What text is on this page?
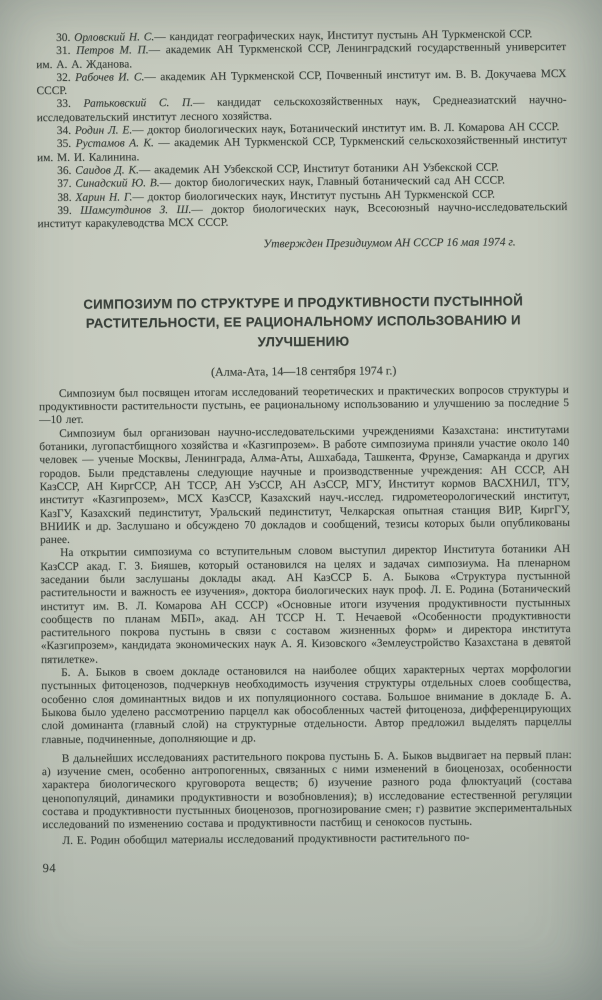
30. Орловский Н. С.— кандидат географических наук, Институт пустынь АН Туркменской ССР.

31. Петров М. П.— академик АН Туркменской ССР, Ленинградский государственный университет им. А. А. Жданова.

32. Рабочев И. С.— академик АН Туркменской ССР, Почвенный институт им. В. В. Докучаева МСХ СССР.

33. Ратьковский С. П.— кандидат сельскохозяйственных наук, Среднеазиатский научно-исследовательский институт лесного хозяйства.

34. Родин Л. Е.— доктор биологических наук, Ботанический институт им. В. Л. Комарова АН СССР.

35. Рустамов А. К. — академик АН Туркменской ССР, Туркменский сельскохозяйственный институт им. М. И. Калинина.

36. Саидов Д. К.— академик АН Узбекской ССР, Институт ботаники АН Узбекской ССР.

37. Синадский Ю. В.— доктор биологических наук, Главный ботанический сад АН СССР.

38. Харин Н. Г.— доктор биологических наук, Институт пустынь АН Туркменской ССР.

39. Шамсутдинов З. Ш.— доктор биологических наук, Всесоюзный научно-исследовательский институт каракулеводства МСХ СССР.

Утвержден Президиумом АН СССР 16 мая 1974 г.

СИМПОЗИУМ ПО СТРУКТУРЕ И ПРОДУКТИВНОСТИ ПУСТЫННОЙ РАСТИТЕЛЬНОСТИ, ЕЕ РАЦИОНАЛЬНОМУ ИСПОЛЬЗОВАНИЮ И УЛУЧШЕНИЮ

(Алма-Ата, 14—18 сентября 1974 г.)

Симпозиум был посвящен итогам исследований теоретических и практических вопросов структуры и продуктивности растительности пустынь, ее рациональному использованию и улучшению за последние 5—10 лет.

Симпозиум был организован научно-исследовательскими учреждениями Казахстана: институтами ботаники, лугопастбищного хозяйства и «Казгипрозем». В работе симпозиума приняли участие около 140 человек — ученые Москвы, Ленинграда, Алма-Аты, Ашхабада, Ташкента, Фрунзе, Самарканда и других городов. Были представлены следующие научные и производственные учреждения: АН СССР, АН КазССР, АН КиргССР, АН ТССР, АН УзССР, АН АзССР, МГУ, Институт кормов ВАСХНИЛ, ТГУ, институт «Казгипрозем», МСХ КазССР, Казахский науч.-исслед. гидрометеорологический институт, КазГУ, Казахский пединститут, Уральский пединститут, Челкарская опытная станция ВИР, КиргГУ, ВНИИК и др. Заслушано и обсуждено 70 докладов и сообщений, тезисы которых были опубликованы ранее.

На открытии симпозиума со вступительным словом выступил директор Института ботаники АН КазССР акад. Г. З. Бияшев, который остановился на целях и задачах симпозиума. На пленарном заседании были заслушаны доклады акад. АН КазССР Б. А. Быкова «Структура пустынной растительности и важность ее изучения», доктора биологических наук проф. Л. Е. Родина (Ботанический институт им. В. Л. Комарова АН СССР) «Основные итоги изучения продуктивности пустынных сообществ по планам МБП», акад. АН ТССР Н. Т. Нечаевой «Особенности продуктивности растительного покрова пустынь в связи с составом жизненных форм» и директора института «Казгипрозем», кандидата экономических наук А. Я. Кизовского «Землеустройство Казахстана в девятой пятилетке».

Б. А. Быков в своем докладе остановился на наиболее общих характерных чертах морфологии пустынных фитоценозов, подчеркнув необходимость изучения структуры отдельных слоев сообщества, особенно слоя доминантных видов и их популяционного состава. Большое внимание в докладе Б. А. Быкова было уделено рассмотрению парцелл как обособленных частей фитоценоза, дифференцирующих слой доминанта (главный слой) на структурные отдельности. Автор предложил выделять парцеллы главные, подчиненные, дополняющие и др.

В дальнейших исследованиях растительного покрова пустынь Б. А. Быков выдвигает на первый план: а) изучение смен, особенно антропогенных, связанных с ними изменений в биоценозах, особенности характера биологического круговорота веществ; б) изучение разного рода флюктуаций (состава ценопопуляций, динамики продуктивности и возобновления); в) исследование естественной регуляции состава и продуктивности пустынных биоценозов, прогнозирование смен; г) развитие экспериментальных исследований по изменению состава и продуктивности пастбищ и сенокосов пустынь.

Л. Е. Родин обобщил материалы исследований продуктивности растительного по-

94
